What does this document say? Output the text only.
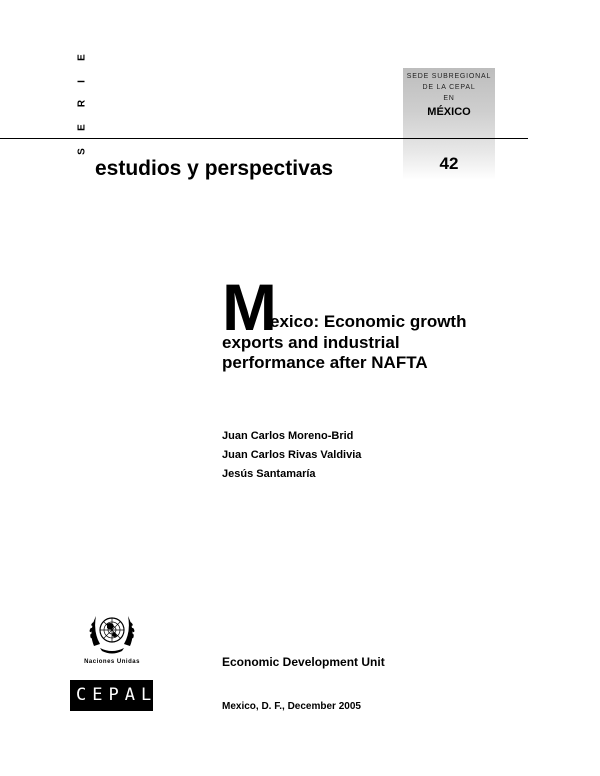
E
I
R
E
S
SEDE SUBREGIONAL
DE LA CEPAL
EN
MÉXICO
42
estudios y perspectivas
M
exico: Economic growth
exports and industrial
performance after NAFTA
Juan Carlos Moreno-Brid
Juan Carlos Rivas Valdivia
Jesús Santamaría
Naciones Unidas
CEPAL
Economic Development Unit
Mexico, D. F., December 2005
